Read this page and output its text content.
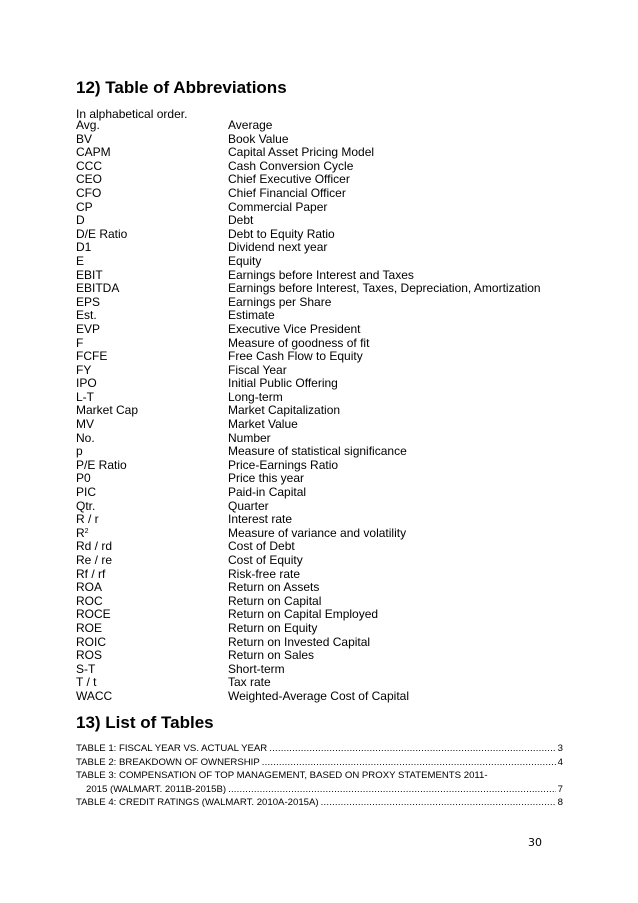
12) Table of Abbreviations
In alphabetical order.
Avg.	Average
BV	Book Value
CAPM	Capital Asset Pricing Model
CCC	Cash Conversion Cycle
CEO	Chief Executive Officer
CFO	Chief Financial Officer
CP	Commercial Paper
D	Debt
D/E Ratio	Debt to Equity Ratio
D1	Dividend next year
E	Equity
EBIT	Earnings before Interest and Taxes
EBITDA	Earnings before Interest, Taxes, Depreciation, Amortization
EPS	Earnings per Share
Est.	Estimate
EVP	Executive Vice President
F	Measure of goodness of fit
FCFE	Free Cash Flow to Equity
FY	Fiscal Year
IPO	Initial Public Offering
L-T	Long-term
Market Cap	Market Capitalization
MV	Market Value
No.	Number
p	Measure of statistical significance
P/E Ratio	Price-Earnings Ratio
P0	Price this year
PIC	Paid-in Capital
Qtr.	Quarter
R / r	Interest rate
$R^2$	Measure of variance and volatility
Rd / rd	Cost of Debt
Re / re	Cost of Equity
Rf / rf	Risk-free rate
ROA	Return on Assets
ROC	Return on Capital
ROCE	Return on Capital Employed
ROE	Return on Equity
ROIC	Return on Invested Capital
ROS	Return on Sales
S-T	Short-term
T / t	Tax rate
WACC	Weighted-Average Cost of Capital
13) List of Tables
TABLE 1: FISCAL YEAR VS. ACTUAL YEAR .....	3
TABLE 2: BREAKDOWN OF OWNERSHIP .....	4
TABLE 3: COMPENSATION OF TOP MANAGEMENT, BASED ON PROXY STATEMENTS 2011-
2015 (WALMART. 2011B-2015B) .....	7
TABLE 4: CREDIT RATINGS (WALMART. 2010A-2015A) .....	8
30
